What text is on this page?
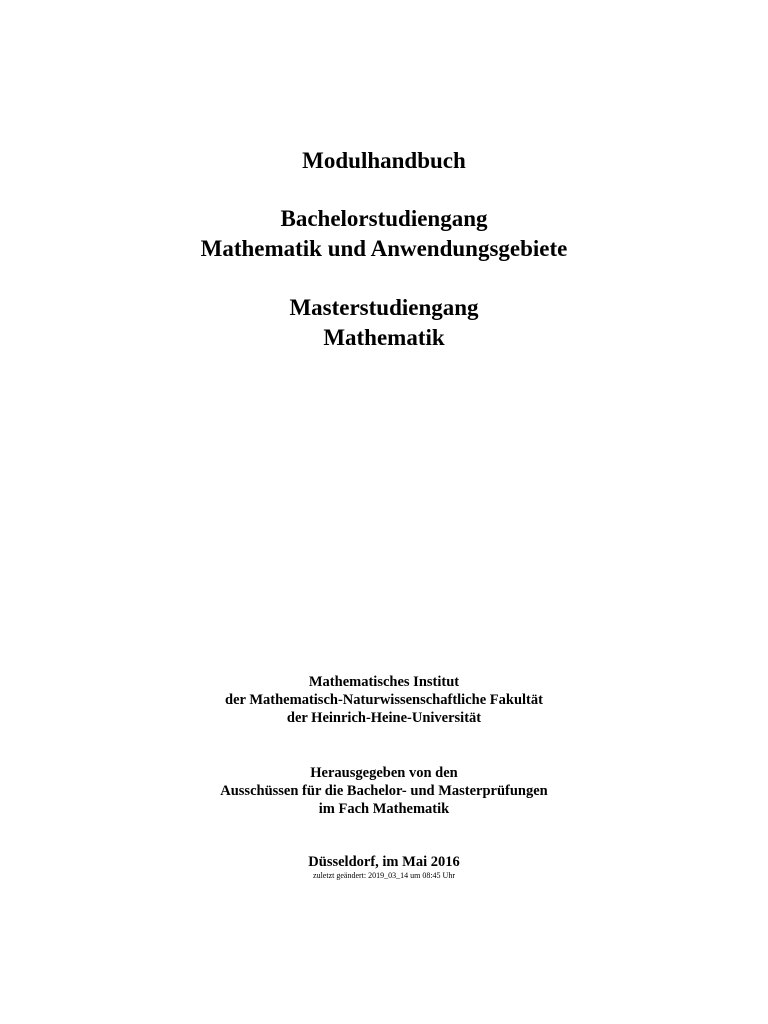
Modulhandbuch
Bachelorstudiengang
Mathematik und Anwendungsgebiete
Masterstudiengang
Mathematik
Mathematisches Institut
der Mathematisch-Naturwissenschaftliche Fakultät
der Heinrich-Heine-Universität
Herausgegeben von den
Ausschüssen für die Bachelor- und Masterprüfungen
im Fach Mathematik
Düsseldorf, im Mai 2016
zuletzt geändert: 2019_03_14 um 08:45 Uhr
